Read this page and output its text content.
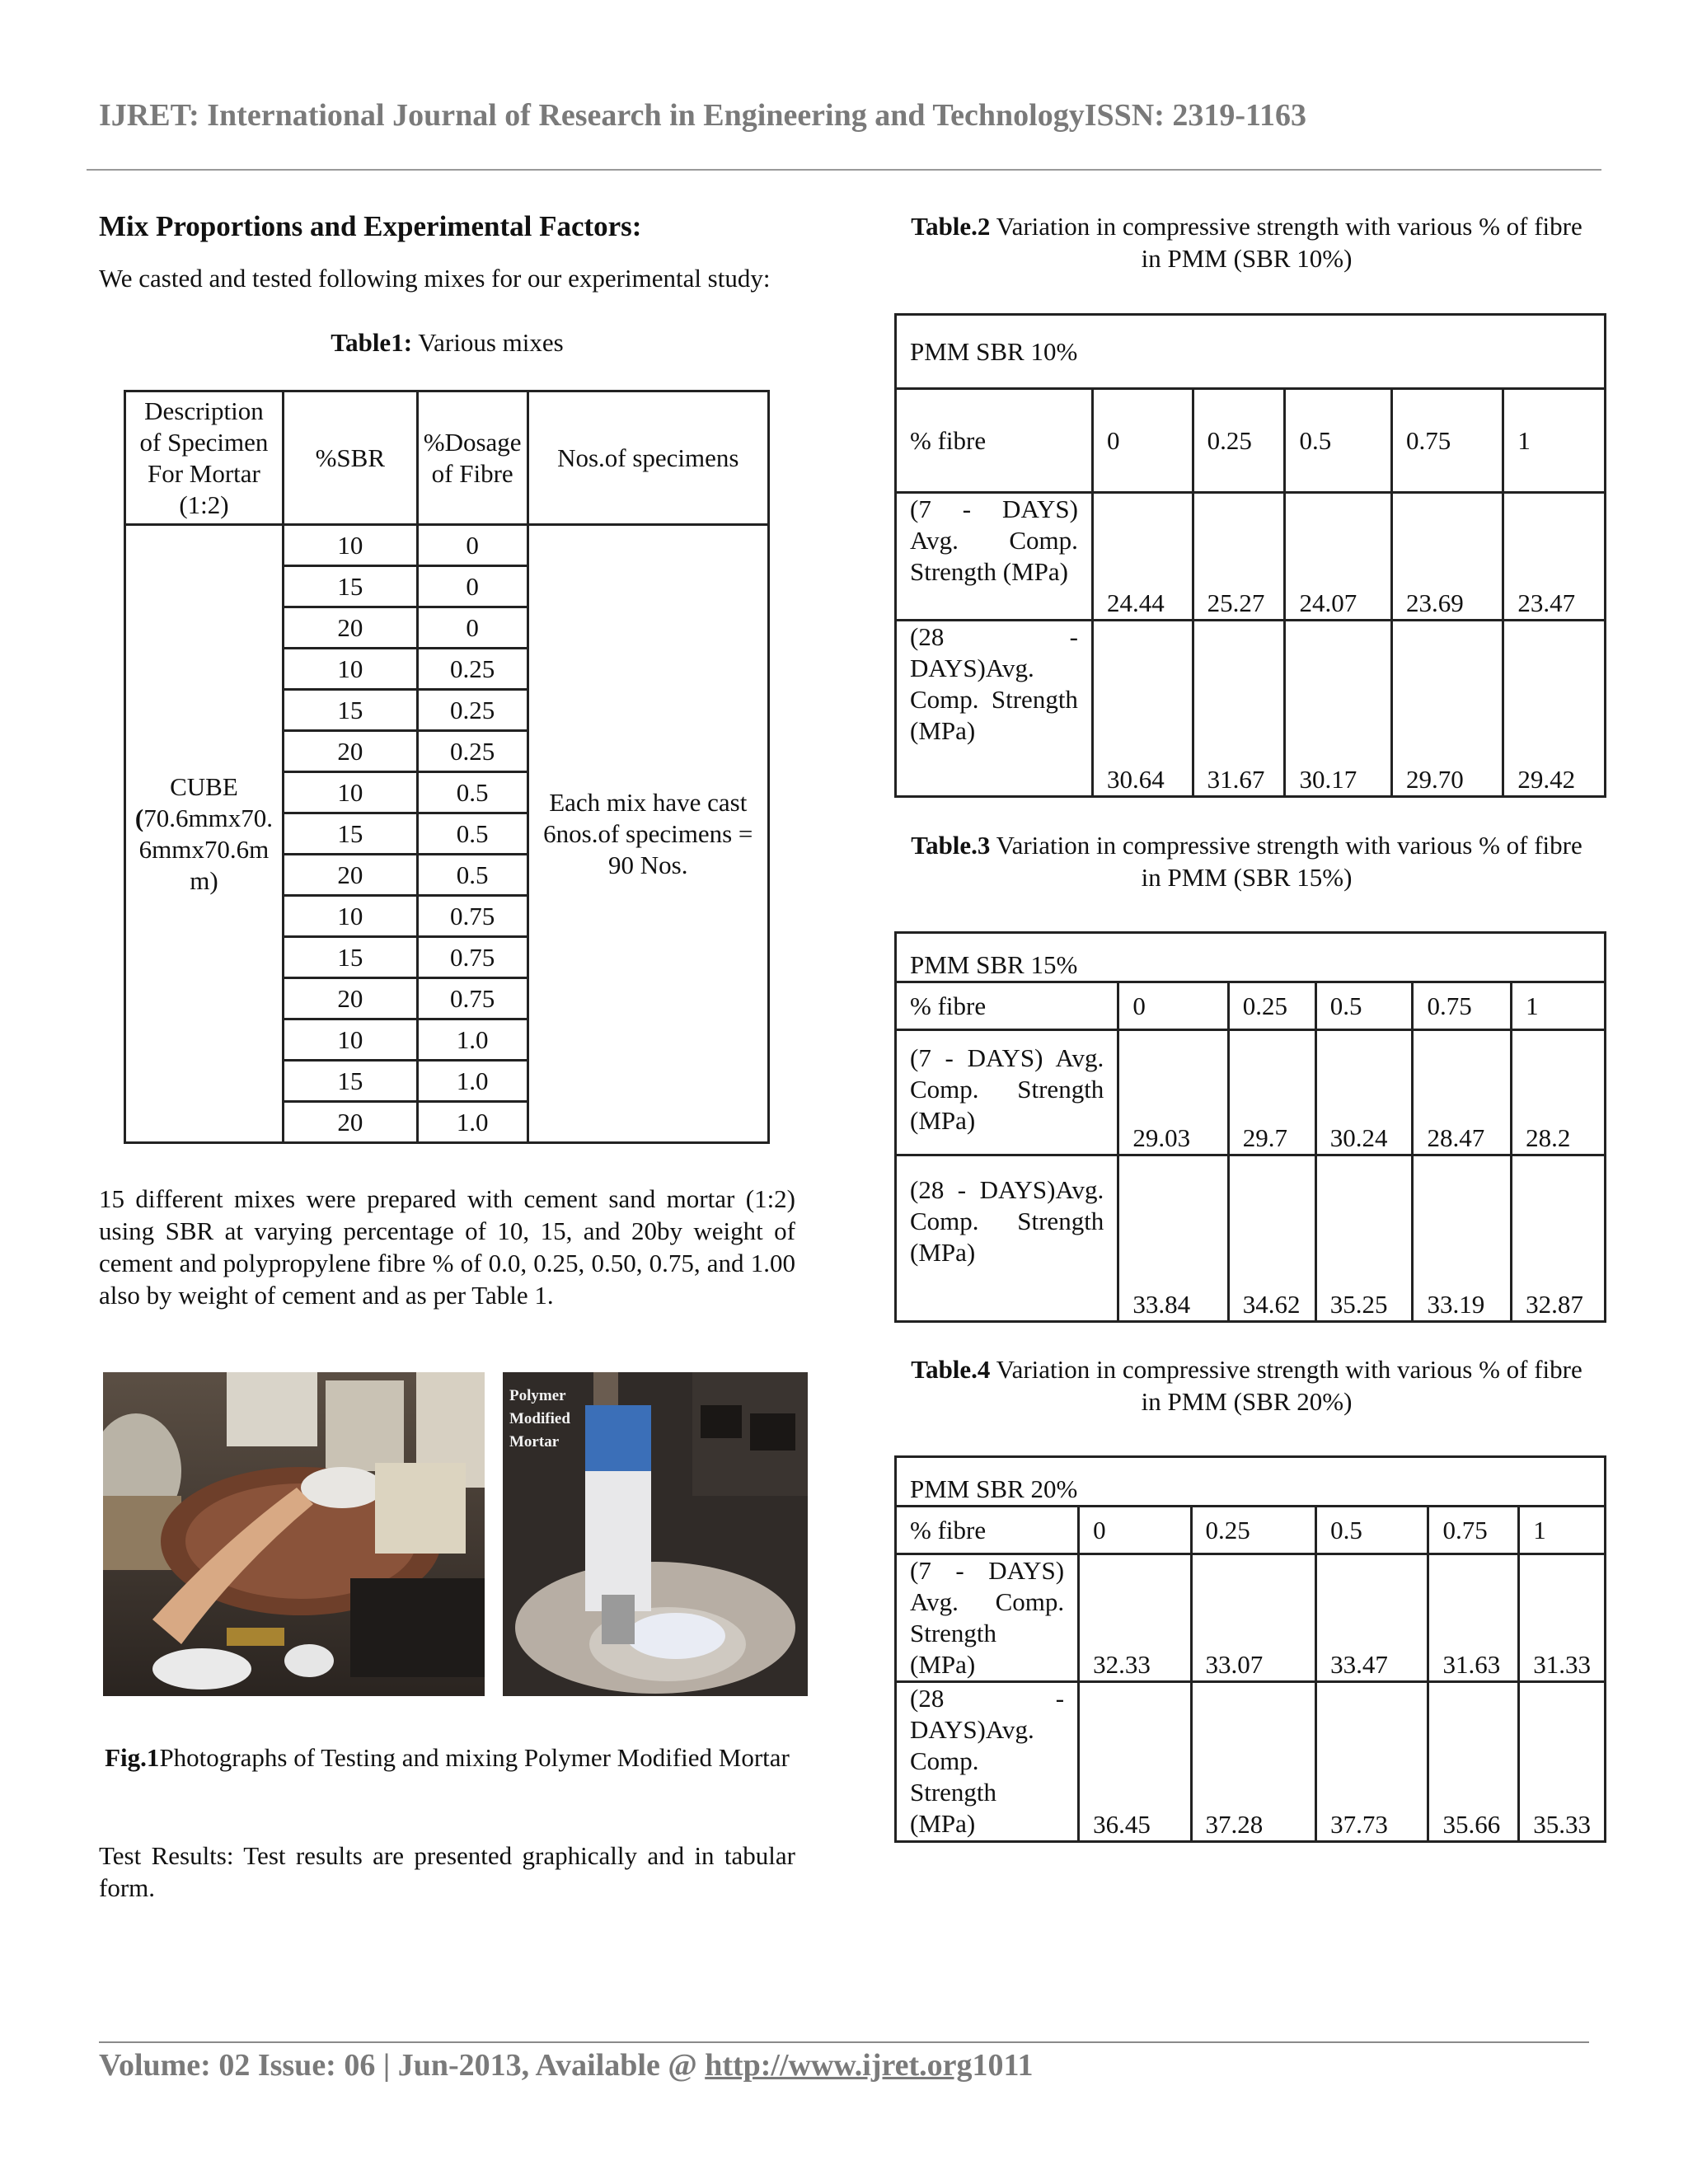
IJRET: International Journal of Research in Engineering and TechnologyISSN: 2319-1163
Mix Proportions and Experimental Factors:
We casted and tested following mixes for our experimental study:
Table1: Various mixes
Description of Specimen For Mortar (1:2)	%SBR	%Dosage of Fibre	Nos.of specimens

CUBE
(70.6mmx70.6mmx70.6mm)	10	0	Each mix have cast 6nos.of specimens = 90 Nos.
	15	0	
	20	0	
	10	0.25	
	15	0.25	
	20	0.25	
	10	0.5	
	15	0.5	
	20	0.5	
	10	0.75	
	15	0.75	
	20	0.75	
	10	1.0	
	15	1.0	
	20	1.0	
15 different mixes were prepared with cement sand mortar (1:2) using SBR at varying percentage of 10, 15, and 20by weight of cement and polypropylene fibre % of 0.0, 0.25, 0.50, 0.75, and 1.00 also by weight of cement and as per Table 1.
Polymer
Modified
Mortar
Fig.1Photographs of Testing and mixing Polymer Modified Mortar
Test Results: Test results are presented graphically and in tabular form.
Table.2 Variation in compressive strength with various % of fibre in PMM (SBR 10%)
PMM SBR 10%					
% fibre	0	0.25	0.5	0.75	1
(7 - DAYS) Avg. Comp. Strength (MPa)	24.44	25.27	24.07	23.69	23.47
(28 - DAYS)Avg. Comp. Strength (MPa)	30.64	31.67	30.17	29.70	29.42
Table.3 Variation in compressive strength with various % of fibre in PMM (SBR 15%)
PMM SBR 15%					
% fibre	0	0.25	0.5	0.75	1
(7 - DAYS) Avg. Comp. Strength (MPa)	29.03	29.7	30.24	28.47	28.2
(28 - DAYS)Avg. Comp. Strength (MPa)	33.84	34.62	35.25	33.19	32.87
Table.4 Variation in compressive strength with various % of fibre in PMM (SBR 20%)
PMM SBR 20%					
% fibre	0	0.25	0.5	0.75	1
(7 - DAYS) Avg. Comp. Strength (MPa)	32.33	33.07	33.47	31.63	31.33
(28 - DAYS)Avg. Comp. Strength (MPa)	36.45	37.28	37.73	35.66	35.33
Volume: 02 Issue: 06 | Jun-2013, Available @ http://www.ijret.org1011
